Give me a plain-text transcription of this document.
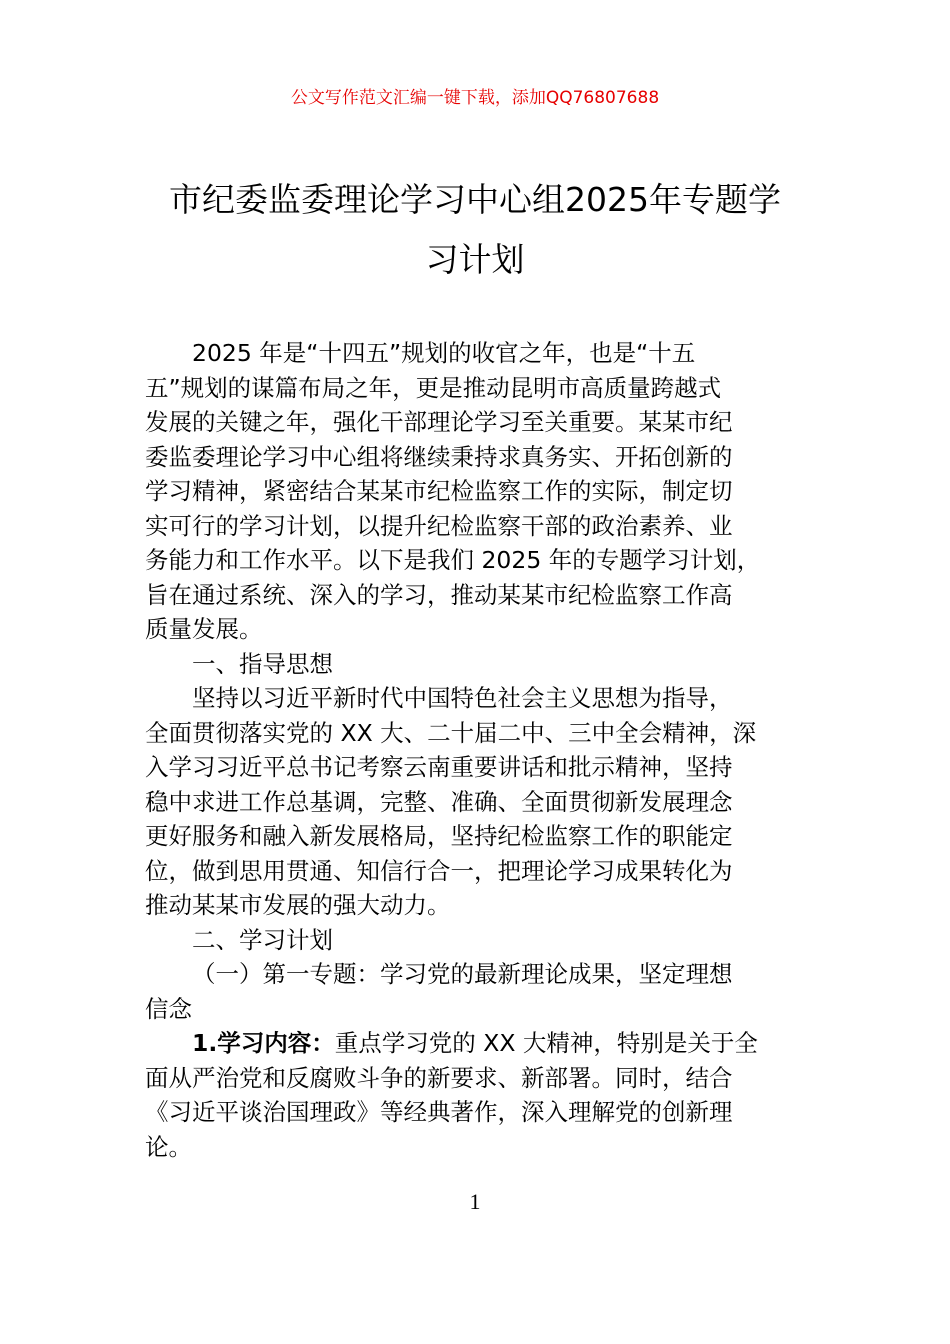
公文写作范文汇编一键下载，添加QQ76807688
市纪委监委理论学习中心组2025年专题学
习计划

2025 年是“十四五”规划的收官之年，也是“十五
五”规划的谋篇布局之年，更是推动昆明市高质量跨越式
发展的关键之年，强化干部理论学习至关重要。某某市纪
委监委理论学习中心组将继续秉持求真务实、开拓创新的
学习精神，紧密结合某某市纪检监察工作的实际，制定切
实可行的学习计划，以提升纪检监察干部的政治素养、业
务能力和工作水平。以下是我们 2025 年的专题学习计划，
旨在通过系统、深入的学习，推动某某市纪检监察工作高
质量发展。

一、指导思想

坚持以习近平新时代中国特色社会主义思想为指导，
全面贯彻落实党的 XX 大、二十届二中、三中全会精神，深
入学习习近平总书记考察云南重要讲话和批示精神，坚持
稳中求进工作总基调，完整、准确、全面贯彻新发展理念
更好服务和融入新发展格局，坚持纪检监察工作的职能定
位，做到思用贯通、知信行合一，把理论学习成果转化为
推动某某市发展的强大动力。

二、学习计划

（一）第一专题：学习党的最新理论成果，坚定理想
信念

1.学习内容：重点学习党的 XX 大精神，特别是关于全
面从严治党和反腐败斗争的新要求、新部署。同时，结合
《习近平谈治国理政》等经典著作，深入理解党的创新理
论。

1
